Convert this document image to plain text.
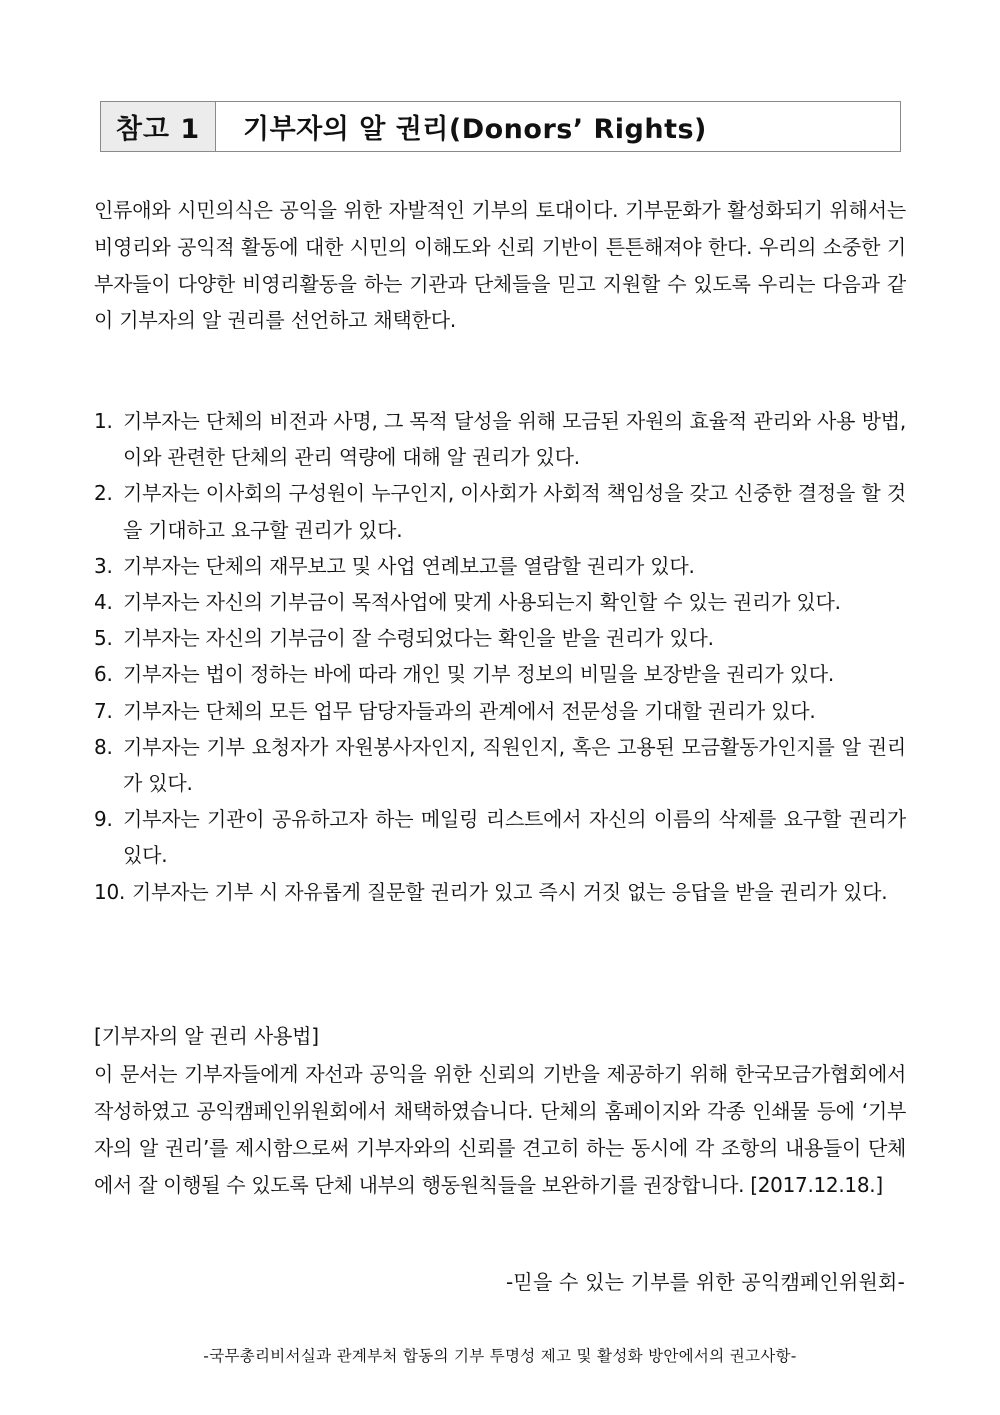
참고 1	기부자의 알 권리(Donors’ Rights)

인류애와 시민의식은 공익을 위한 자발적인 기부의 토대이다. 기부문화가 활성화되기 위해서는 비영리와 공익적 활동에 대한 시민의 이해도와 신뢰 기반이 튼튼해져야 한다. 우리의 소중한 기부자들이 다양한 비영리활동을 하는 기관과 단체들을 믿고 지원할 수 있도록 우리는 다음과 같이 기부자의 알 권리를 선언하고 채택한다.

1. 기부자는 단체의 비전과 사명, 그 목적 달성을 위해 모금된 자원의 효율적 관리와 사용 방법, 이와 관련한 단체의 관리 역량에 대해 알 권리가 있다.
2. 기부자는 이사회의 구성원이 누구인지, 이사회가 사회적 책임성을 갖고 신중한 결정을 할 것을 기대하고 요구할 권리가 있다.
3. 기부자는 단체의 재무보고 및 사업 연례보고를 열람할 권리가 있다.
4. 기부자는 자신의 기부금이 목적사업에 맞게 사용되는지 확인할 수 있는 권리가 있다.
5. 기부자는 자신의 기부금이 잘 수령되었다는 확인을 받을 권리가 있다.
6. 기부자는 법이 정하는 바에 따라 개인 및 기부 정보의 비밀을 보장받을 권리가 있다.
7. 기부자는 단체의 모든 업무 담당자들과의 관계에서 전문성을 기대할 권리가 있다.
8. 기부자는 기부 요청자가 자원봉사자인지, 직원인지, 혹은 고용된 모금활동가인지를 알 권리가 있다.
9. 기부자는 기관이 공유하고자 하는 메일링 리스트에서 자신의 이름의 삭제를 요구할 권리가 있다.
10. 기부자는 기부 시 자유롭게 질문할 권리가 있고 즉시 거짓 없는 응답을 받을 권리가 있다.
[기부자의 알 권리 사용법]

이 문서는 기부자들에게 자선과 공익을 위한 신뢰의 기반을 제공하기 위해 한국모금가협회에서 작성하였고 공익캠페인위원회에서 채택하였습니다. 단체의 홈페이지와 각종 인쇄물 등에 ‘기부자의 알 권리’를 제시함으로써 기부자와의 신뢰를 견고히 하는 동시에 각 조항의 내용들이 단체에서 잘 이행될 수 있도록 단체 내부의 행동원칙들을 보완하기를 권장합니다. [2017.12.18.]

-믿을 수 있는 기부를 위한 공익캠페인위원회-
-국무총리비서실과 관계부처 합동의 기부 투명성 제고 및 활성화 방안에서의 권고사항-
